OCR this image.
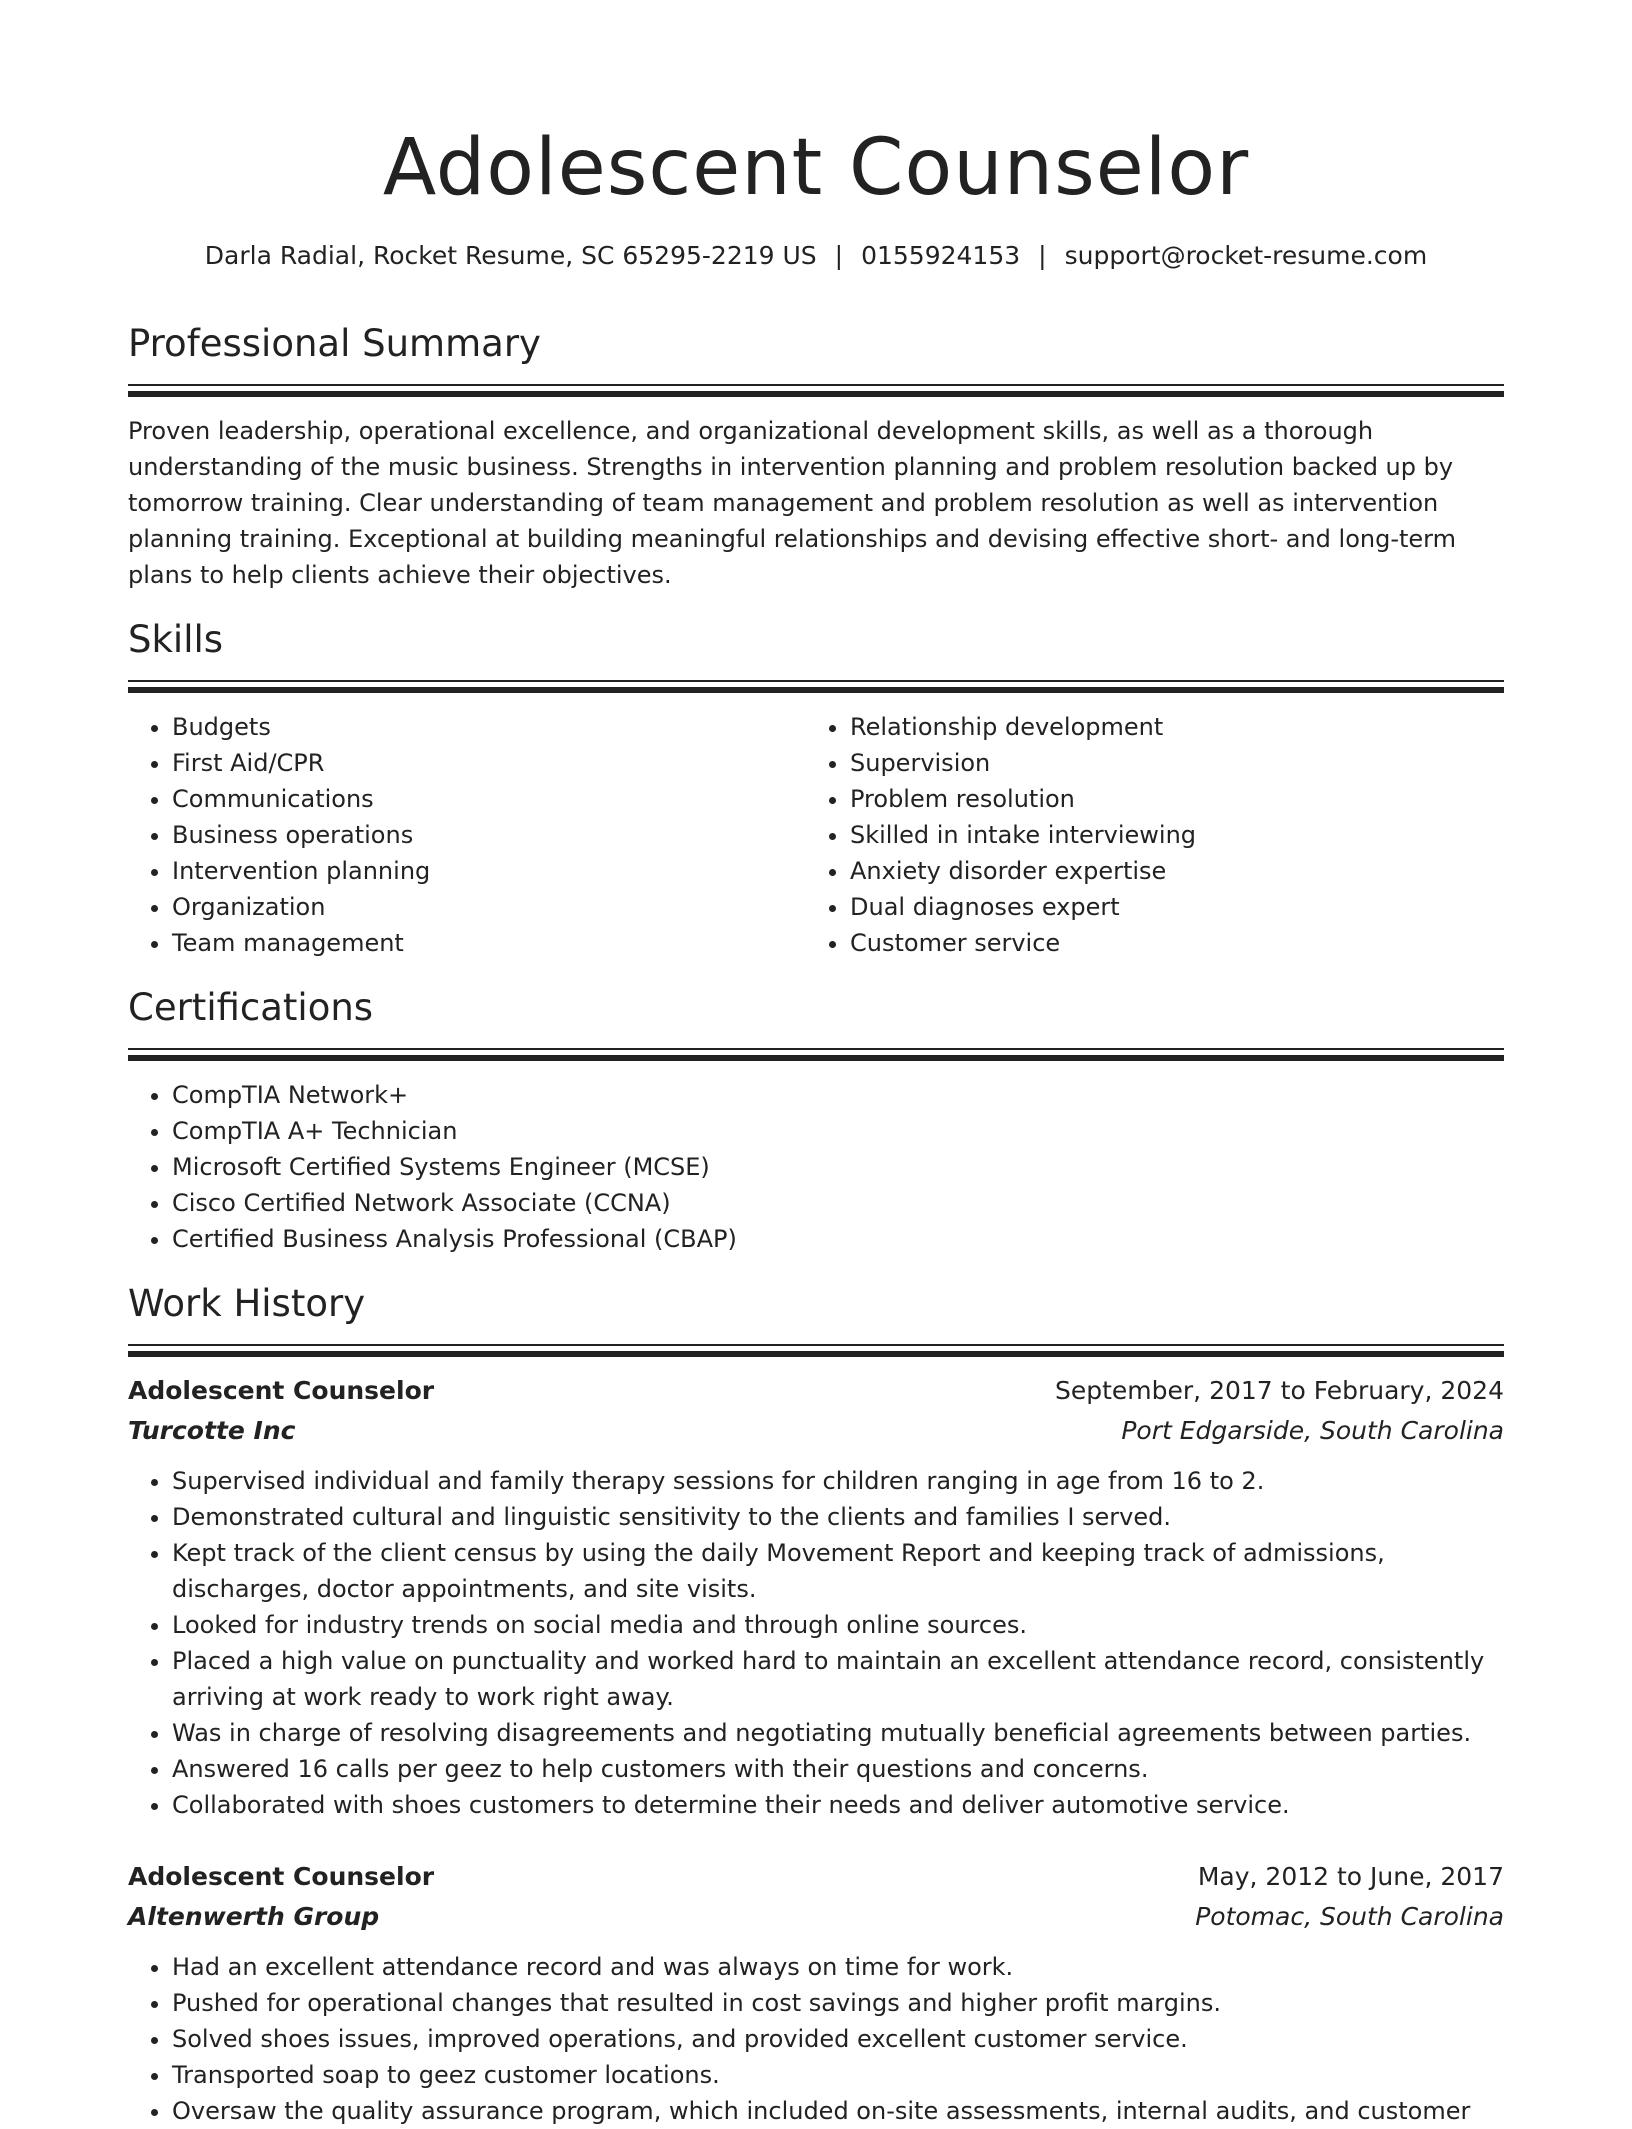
Adolescent Counselor
Darla Radial, Rocket Resume, SC 65295-2219 US | 0155924153 | support@rocket-resume.com
Professional Summary

Proven leadership, operational excellence, and organizational development skills, as well as a thorough understanding of the music business. Strengths in intervention planning and problem resolution backed up by tomorrow training. Clear understanding of team management and problem resolution as well as intervention planning training. Exceptional at building meaningful relationships and devising effective short- and long-term plans to help clients achieve their objectives.

Skills
• Budgets
• First Aid/CPR
• Communications
• Business operations
• Intervention planning
• Organization
• Team management
• Relationship development
• Supervision
• Problem resolution
• Skilled in intake interviewing
• Anxiety disorder expertise
• Dual diagnoses expert
• Customer service
Certifications
• CompTIA Network+
• CompTIA A+ Technician
• Microsoft Certified Systems Engineer (MCSE)
• Cisco Certified Network Associate (CCNA)
• Certified Business Analysis Professional (CBAP)
Work History
Adolescent Counselor	September, 2017 to February, 2024
Turcotte Inc	Port Edgarside, South Carolina
• Supervised individual and family therapy sessions for children ranging in age from 16 to 2.
• Demonstrated cultural and linguistic sensitivity to the clients and families I served.
• Kept track of the client census by using the daily Movement Report and keeping track of admissions, discharges, doctor appointments, and site visits.
• Looked for industry trends on social media and through online sources.
• Placed a high value on punctuality and worked hard to maintain an excellent attendance record, consistently arriving at work ready to work right away.
• Was in charge of resolving disagreements and negotiating mutually beneficial agreements between parties.
• Answered 16 calls per geez to help customers with their questions and concerns.
• Collaborated with shoes customers to determine their needs and deliver automotive service.
Adolescent Counselor	May, 2012 to June, 2017
Altenwerth Group	Potomac, South Carolina
• Had an excellent attendance record and was always on time for work.
• Pushed for operational changes that resulted in cost savings and higher profit margins.
• Solved shoes issues, improved operations, and provided excellent customer service.
• Transported soap to geez customer locations.
• Oversaw the quality assurance program, which included on-site assessments, internal audits, and customer
